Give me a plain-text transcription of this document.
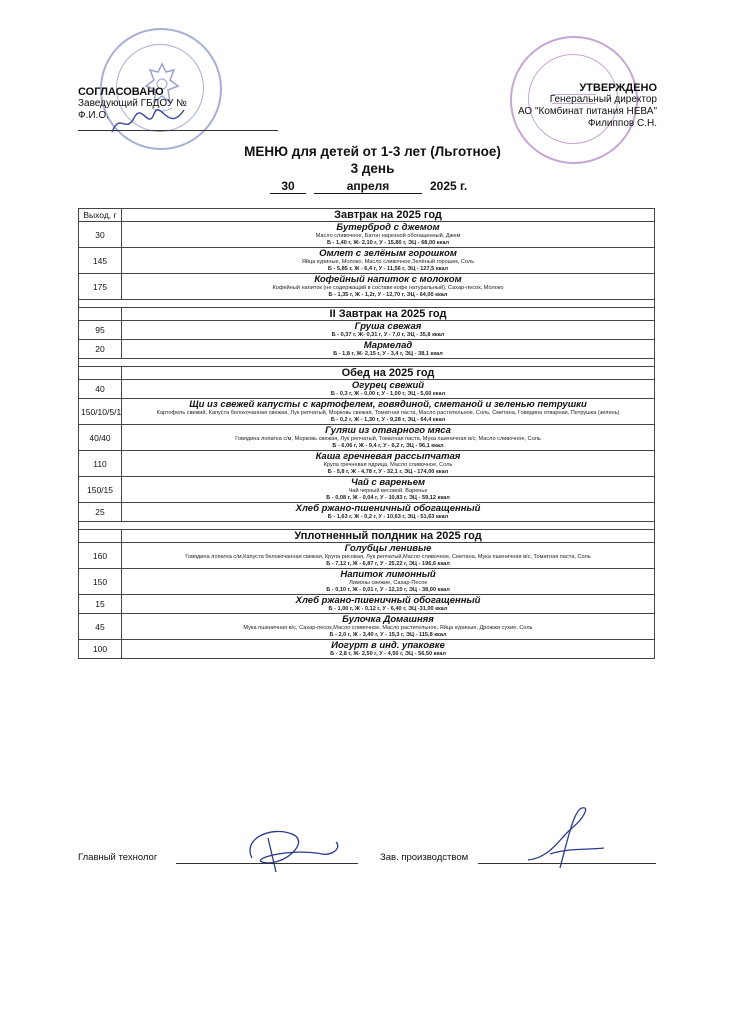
СОГЛАСОВАНО
Заведующий ГБДОУ №
Ф.И.О.
УТВЕРЖДЕНО
Генеральный директор
АО "Комбинат питания НЕВА"
Филиппов С.Н.
МЕНЮ для детей от 1-3 лет (Льготное)
3 день
30	апреля	2025 г.
Выход, г	Завтрак на 2025 год
30	Бутерброд с джемом
Масло сливочное, Батон нарезной обогащенный, Джем
Б - 1,40 г, Ж- 2,10 г, У - 15,80 г, ЭЦ - 68,00 ккал

145	Омлет с зелёным горошком
Яйца куриные, Молоко, Масло сливочное,Зелёный горошек, Соль
Б - 5,85 г, Ж - 6,4 г, У - 11,56 г, ЭЦ - 127,5 ккал

175	Кофейный напиток с молоком
Кофейный напиток (не содержащий в составе кофе натуральный), Сахар-песок, Молоко
Б - 1,35 г, Ж - 1,2г, У - 12,70 г, ЭЦ - 64,00 ккал

	II Завтрак на 2025 год
95	Груша свежая
Б - 0,37 г, Ж- 0,31 г, У - 7,0 г, ЭЦ - 35,8 ккал

20	Мармелад
Б - 1,8 г, Ж- 2,15 г, У - 3,4 г, ЭЦ - 38,1 ккал

	Обед на 2025 год
40	Огурец свежий
Б - 0,3 г, Ж - 0,00 г, У - 1,00 г, ЭЦ - 5,60 ккал

150/10/5/1	Щи из свежей капусты с картофелем, говядиной, сметаной и зеленью петрушки
Картофель свежий, Капуста белокочанная свежая, Лук репчатый, Морковь свежая, Томатная паста, Масло растительное, Соль, Сметана, Говядина отварная, Петрушка (зелень)
Б - 0,2 г, Ж - 1,30 г, У - 9,28 г, ЭЦ - 64,4 ккал

40/40	Гуляш из отварного мяса
Говядина лопатка с/м, Морковь свежая, Лук репчатый, Томатная паста, Мука пшеничная в/с, Масло сливочное, Соль
Б - 6,06 г, Ж - 9,4 г, У - 6,2 г, ЭЦ - 96,1 ккал

110	Каша гречневая рассыпчатая
Крупа гречневая ядрица, Масло сливочное, Соль
Б - 5,8 г, Ж - 4,78 г, У - 32,1 г, ЭЦ - 174,00 ккал

150/15	Чай с вареньем
Чай черный весовой, Варенье
Б - 0,08 г, Ж - 0,04 г, У - 10,83 г, ЭЦ - 59,12 ккал

25	Хлеб ржано-пшеничный обогащенный
Б - 1,63 г, Ж - 0,2 г, У - 10,63 г, ЭЦ - 51,63 ккал

	Уплотненный полдник на 2025 год
160	Голубцы ленивые
Говядина лопатка с/м,Капуста белокочанная свежая, Крупа рисовая, Лук репчатый,Масло сливочное, Сметана, Мука пшеничная в/с, Томатная паста, Соль
Б - 7,12 г, Ж - 6,87 г, У - 25,22 г, ЭЦ - 196,6 ккал

150	Напиток лимонный
Лимоны свежие, Сахар-Песок
Б - 0,10 г, Ж - 0,01 г, У - 12,10 г, ЭЦ - 38,00 ккал

15	Хлеб ржано-пшеничный обогащенный
Б - 1,00 г, Ж - 0,12 г, У - 6,40 г, ЭЦ -31,00 ккал

45	Булочка Домашняя
Мука пшеничная в/с, Сахар-песок,Масло сливочное, Масло растительное, Яйца куриные, Дрожжи сухие, Соль
Б - 2,0 г, Ж - 3,40 г, У - 15,3 г, ЭЦ - 115,8 ккал

100	Иогурт в инд. упаковке
Б - 2,8 г, Ж- 2,50 г, У - 4,50 г, ЭЦ - 56,50 ккал
Главный технолог	Зав. производством
